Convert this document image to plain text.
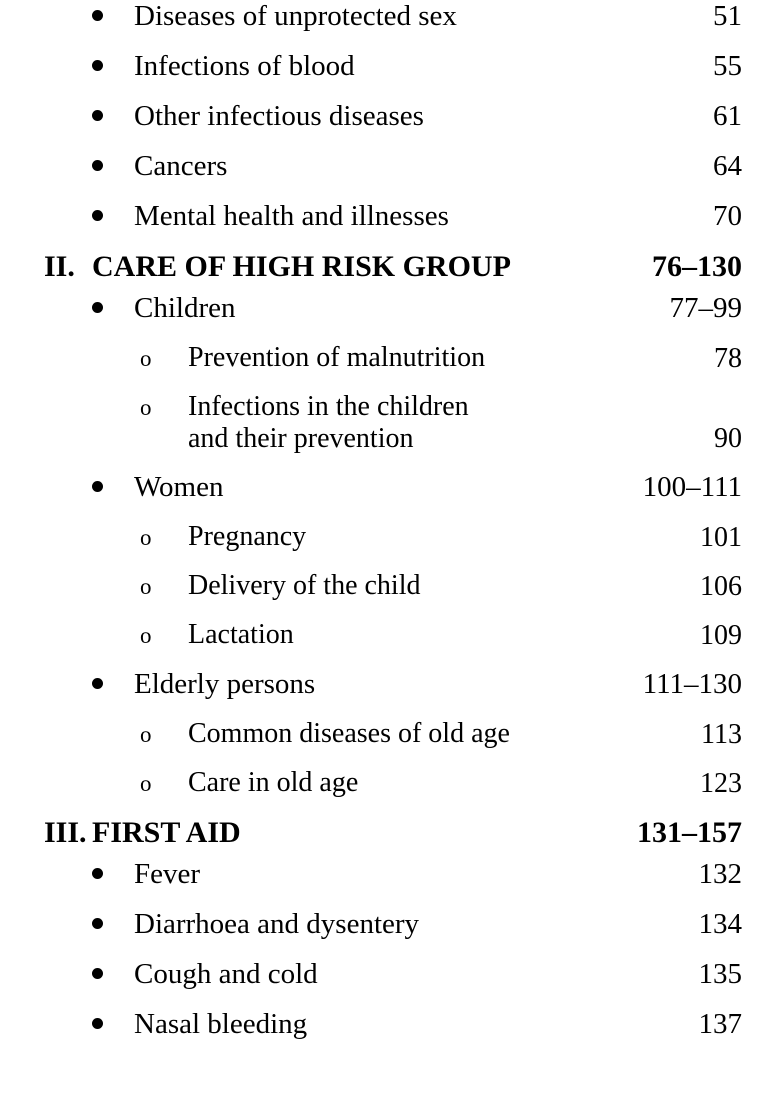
Diseases of unprotected sex	51
Infections of blood	55
Other infectious diseases	61
Cancers	64
Mental health and illnesses	70
II. CARE OF HIGH RISK GROUP	76–130
Children	77–99
o	Prevention of malnutrition	78
o	Infections in the children
and their prevention	90
Women	100–111
o	Pregnancy	101
o	Delivery of the child	106
o	Lactation	109
Elderly persons	111–130
o	Common diseases of old age	113
o	Care in old age	123
III. FIRST AID	131–157
Fever	132
Diarrhoea and dysentery	134
Cough and cold	135
Nasal bleeding	137
